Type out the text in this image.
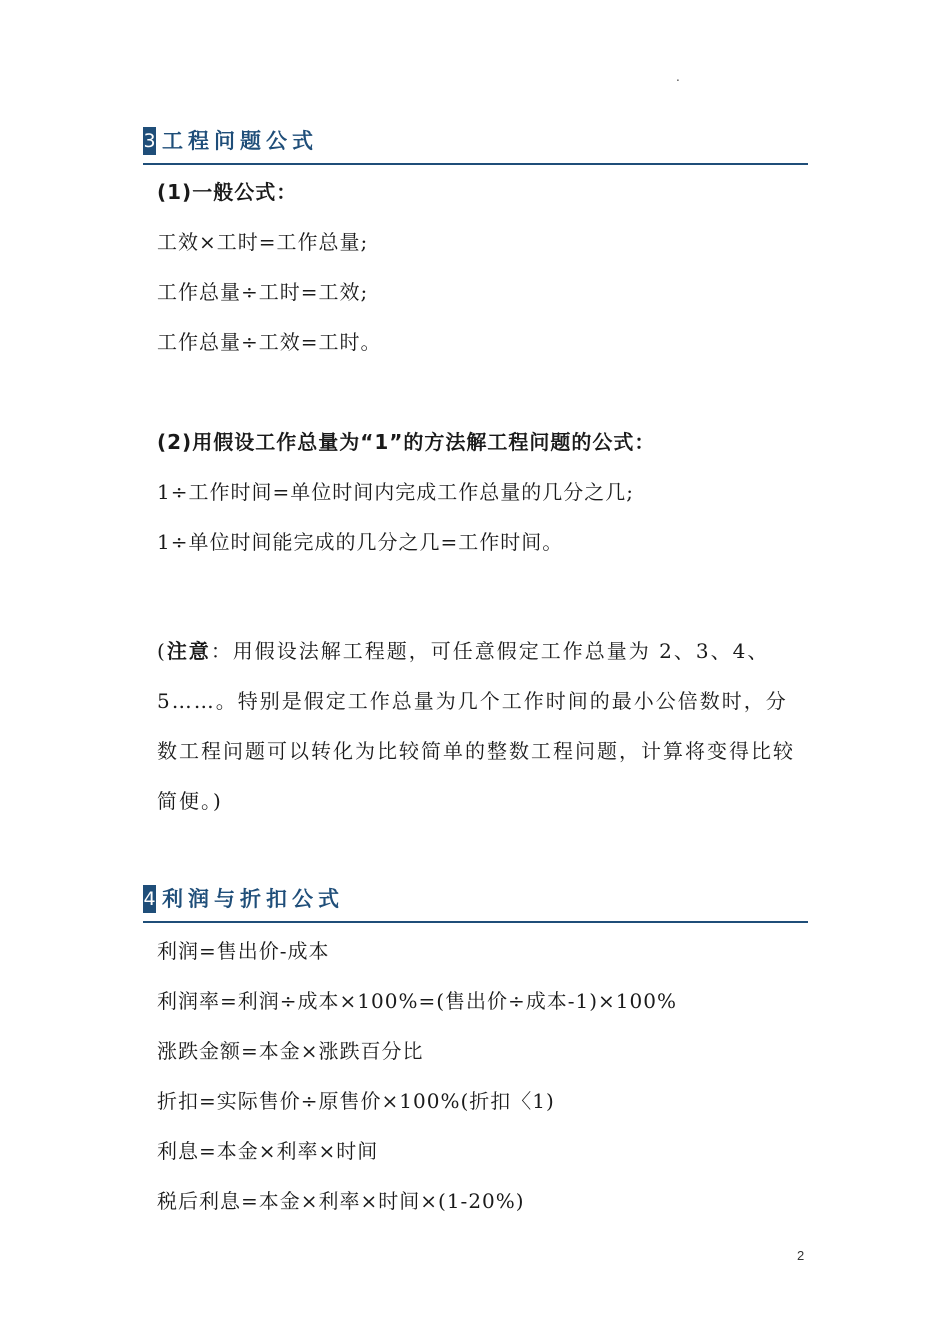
.
3 工程问题公式
(1)一般公式：
工效×工时=工作总量;
工作总量÷工时=工效;
工作总量÷工效=工时。
(2)用假设工作总量为“1”的方法解工程问题的公式：
1÷工作时间=单位时间内完成工作总量的几分之几;
1÷单位时间能完成的几分之几=工作时间。
(注意：用假设法解工程题，可任意假定工作总量为 2、3、4、5……。特别是假定工作总量为几个工作时间的最小公倍数时，分数工程问题可以转化为比较简单的整数工程问题，计算将变得比较简便。)
4 利润与折扣公式
利润=售出价-成本
利润率=利润÷成本×100%=(售出价÷成本-1)×100%
涨跌金额=本金×涨跌百分比
折扣=实际售价÷原售价×100%(折扣〈1)
利息=本金×利率×时间
税后利息=本金×利率×时间×(1-20%)
2
